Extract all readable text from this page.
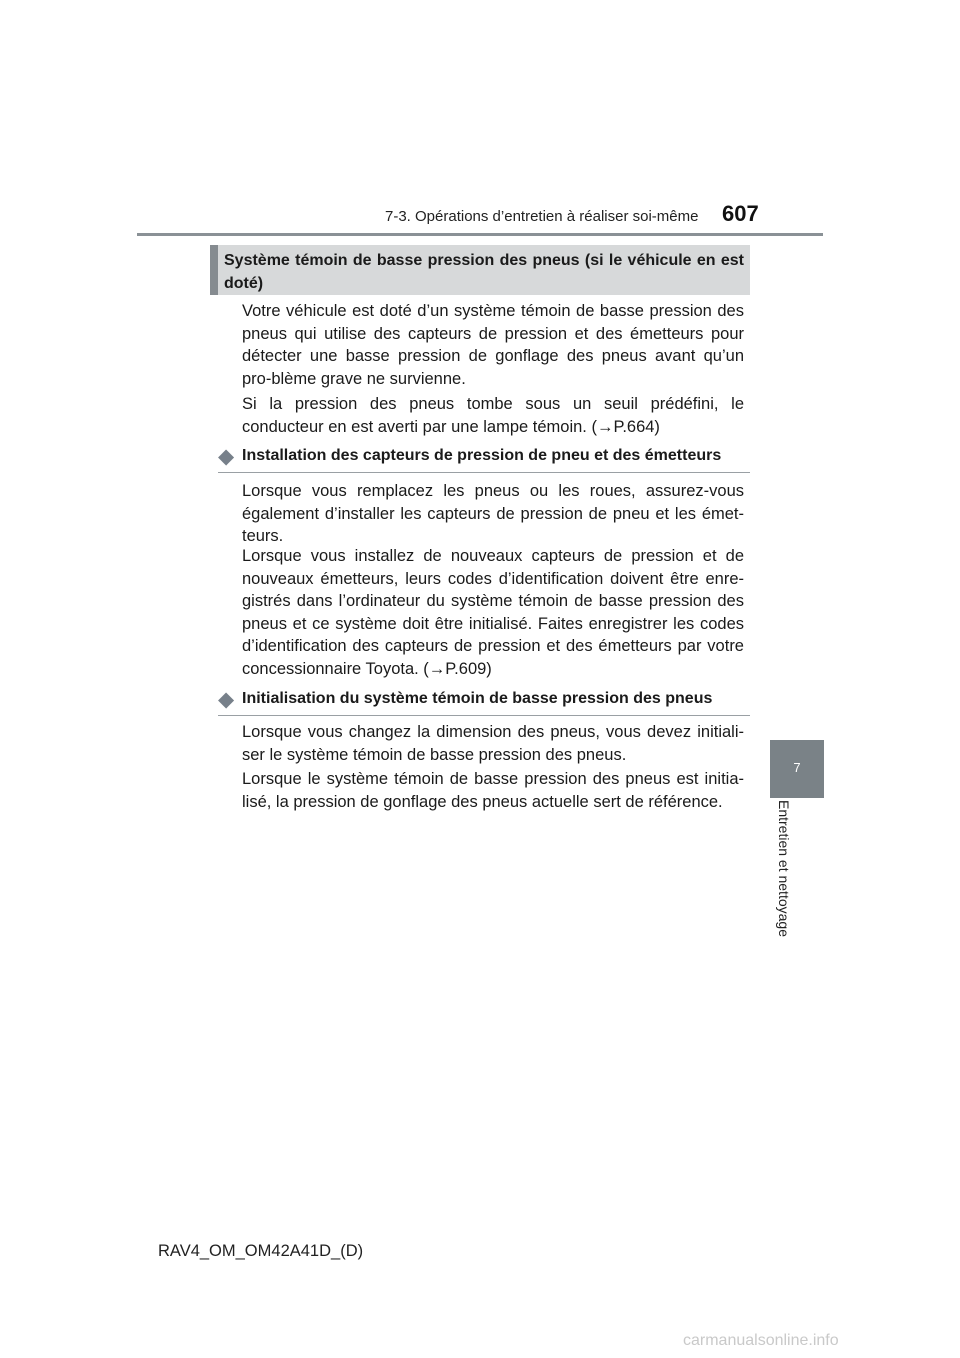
7-3. Opérations d’entretien à réaliser soi-même 607
7
Entretien et nettoyage
Système témoin de basse pression des pneus (si le véhicule en est doté)

Votre véhicule est doté d’un système témoin de basse pression des pneus qui utilise des capteurs de pression et des émetteurs pour détecter une basse pression de gonflage des pneus avant qu’un pro-blème grave ne survienne.

Si la pression des pneus tombe sous un seuil prédéfini, le conducteur en est averti par une lampe témoin. (→P.664)

◆ Installation des capteurs de pression de pneu et des émetteurs

Lorsque vous remplacez les pneus ou les roues, assurez-vous également d’installer les capteurs de pression de pneu et les émet-teurs.

Lorsque vous installez de nouveaux capteurs de pression et de nouveaux émetteurs, leurs codes d’identification doivent être enre-gistrés dans l’ordinateur du système témoin de basse pression des pneus et ce système doit être initialisé. Faites enregistrer les codes d’identification des capteurs de pression et des émetteurs par votre concessionnaire Toyota. (→P.609)

◆ Initialisation du système témoin de basse pression des pneus

Lorsque vous changez la dimension des pneus, vous devez initiali-ser le système témoin de basse pression des pneus.

Lorsque le système témoin de basse pression des pneus est initia-lisé, la pression de gonflage des pneus actuelle sert de référence.

RAV4_OM_OM42A41D_(D)
carmanualsonline.info
